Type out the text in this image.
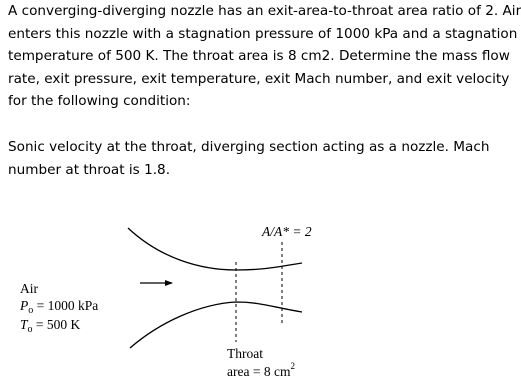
A converging-diverging nozzle has an exit-area-to-throat area ratio of 2. Air
enters this nozzle with a stagnation pressure of 1000 kPa and a stagnation
temperature of 500 K. The throat area is 8 cm2. Determine the mass flow
rate, exit pressure, exit temperature, exit Mach number, and exit velocity
for the following condition:
Sonic velocity at the throat, diverging section acting as a nozzle. Mach
number at throat is 1.8.
A/A* = 2
Air
$P_o = 1000$ kPa
$T_o = 500$ K
Throat
area = 8 $cm^2$
